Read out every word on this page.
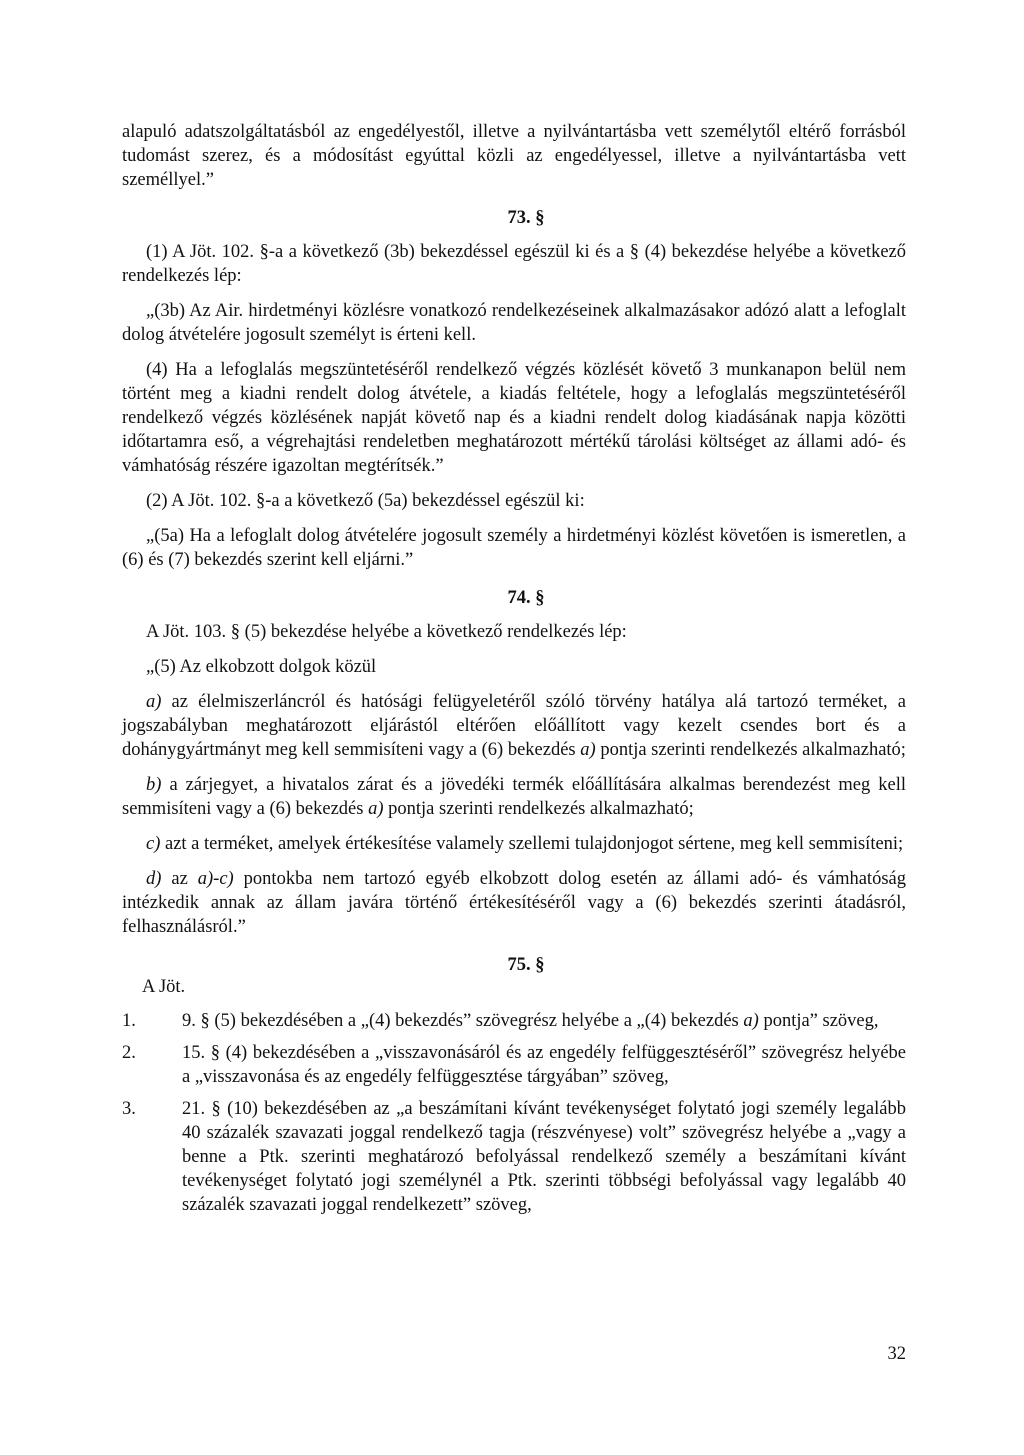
alapuló adatszolgáltatásból az engedélyestől, illetve a nyilvántartásba vett személytől eltérő forrásból tudomást szerez, és a módosítást egyúttal közli az engedélyessel, illetve a nyilvántartásba vett személlyel.”

73. §

(1) A Jöt. 102. §-a a következő (3b) bekezdéssel egészül ki és a § (4) bekezdése helyébe a következő rendelkezés lép:

„(3b) Az Air. hirdetményi közlésre vonatkozó rendelkezéseinek alkalmazásakor adózó alatt a lefoglalt dolog átvételére jogosult személyt is érteni kell.

(4) Ha a lefoglalás megszüntetéséről rendelkező végzés közlését követő 3 munkanapon belül nem történt meg a kiadni rendelt dolog átvétele, a kiadás feltétele, hogy a lefoglalás megszüntetéséről rendelkező végzés közlésének napját követő nap és a kiadni rendelt dolog kiadásának napja közötti időtartamra eső, a végrehajtási rendeletben meghatározott mértékű tárolási költséget az állami adó- és vámhatóság részére igazoltan megtérítsék.”

(2) A Jöt. 102. §-a a következő (5a) bekezdéssel egészül ki:

„(5a) Ha a lefoglalt dolog átvételére jogosult személy a hirdetményi közlést követően is ismeretlen, a (6) és (7) bekezdés szerint kell eljárni.”

74. §

A Jöt. 103. § (5) bekezdése helyébe a következő rendelkezés lép:

„(5) Az elkobzott dolgok közül

a) az élelmiszerláncról és hatósági felügyeletéről szóló törvény hatálya alá tartozó terméket, a jogszabályban meghatározott eljárástól eltérően előállított vagy kezelt csendes bort és a dohánygyártmányt meg kell semmisíteni vagy a (6) bekezdés a) pontja szerinti rendelkezés alkalmazható;

b) a zárjegyet, a hivatalos zárat és a jövedéki termék előállítására alkalmas berendezést meg kell semmisíteni vagy a (6) bekezdés a) pontja szerinti rendelkezés alkalmazható;

c) azt a terméket, amelyek értékesítése valamely szellemi tulajdonjogot sértene, meg kell semmisíteni;

d) az a)-c) pontokba nem tartozó egyéb elkobzott dolog esetén az állami adó- és vámhatóság intézkedik annak az állam javára történő értékesítéséről vagy a (6) bekezdés szerinti átadásról, felhasználásról.”

75. §
A Jöt.
1.	9. § (5) bekezdésében a „(4) bekezdés” szövegrész helyébe a „(4) bekezdés a) pontja” szöveg,
2.	15. § (4) bekezdésében a „visszavonásáról és az engedély felfüggesztéséről” szövegrész helyébe a „visszavonása és az engedély felfüggesztése tárgyában” szöveg,
3.	21. § (10) bekezdésében az „a beszámítani kívánt tevékenységet folytató jogi személy legalább 40 százalék szavazati joggal rendelkező tagja (részvényese) volt” szövegrész helyébe a „vagy a benne a Ptk. szerinti meghatározó befolyással rendelkező személy a beszámítani kívánt tevékenységet folytató jogi személynél a Ptk. szerinti többségi befolyással vagy legalább 40 százalék szavazati joggal rendelkezett” szöveg,
32
